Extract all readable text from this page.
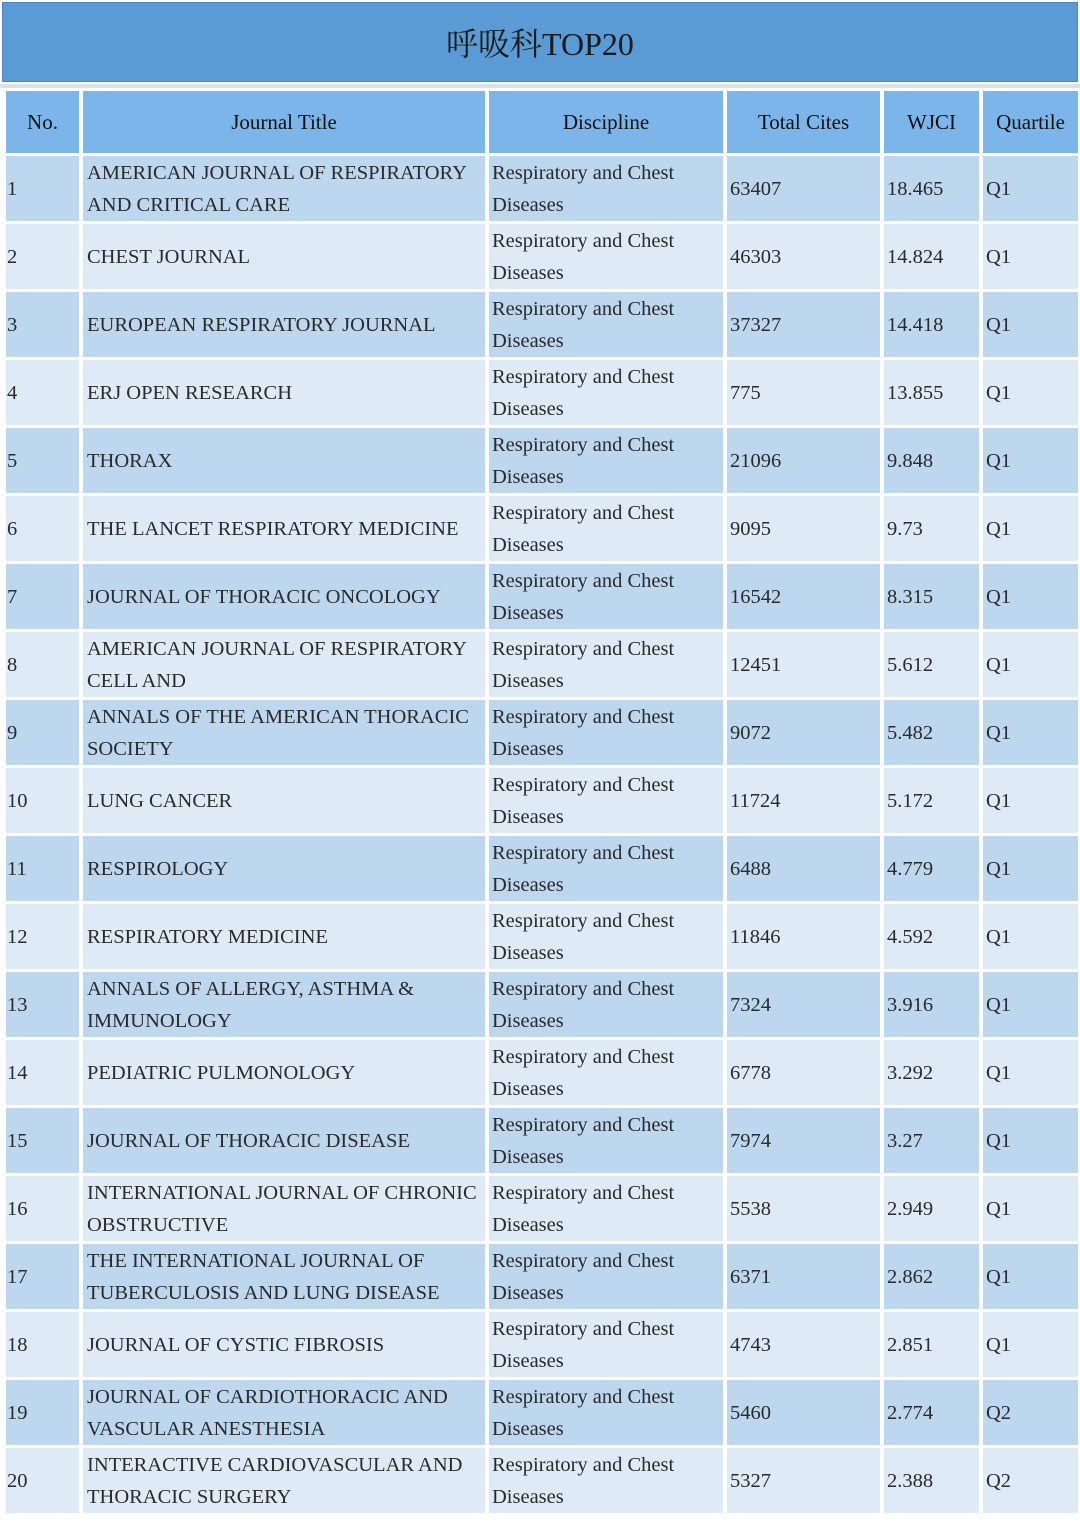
呼吸科TOP20
No.	Journal Title	Discipline	Total Cites	WJCI	Quartile
1	AMERICAN JOURNAL OF RESPIRATORY AND CRITICAL CARE	Respiratory and Chest Diseases	63407	18.465	Q1
2	CHEST JOURNAL	Respiratory and Chest Diseases	46303	14.824	Q1
3	EUROPEAN RESPIRATORY JOURNAL	Respiratory and Chest Diseases	37327	14.418	Q1
4	ERJ OPEN RESEARCH	Respiratory and Chest Diseases	775	13.855	Q1
5	THORAX	Respiratory and Chest Diseases	21096	9.848	Q1
6	THE LANCET RESPIRATORY MEDICINE	Respiratory and Chest Diseases	9095	9.73	Q1
7	JOURNAL OF THORACIC ONCOLOGY	Respiratory and Chest Diseases	16542	8.315	Q1
8	AMERICAN JOURNAL OF RESPIRATORY CELL AND	Respiratory and Chest Diseases	12451	5.612	Q1
9	ANNALS OF THE AMERICAN THORACIC SOCIETY	Respiratory and Chest Diseases	9072	5.482	Q1
10	LUNG CANCER	Respiratory and Chest Diseases	11724	5.172	Q1
11	RESPIROLOGY	Respiratory and Chest Diseases	6488	4.779	Q1
12	RESPIRATORY MEDICINE	Respiratory and Chest Diseases	11846	4.592	Q1
13	ANNALS OF ALLERGY, ASTHMA & IMMUNOLOGY	Respiratory and Chest Diseases	7324	3.916	Q1
14	PEDIATRIC PULMONOLOGY	Respiratory and Chest Diseases	6778	3.292	Q1
15	JOURNAL OF THORACIC DISEASE	Respiratory and Chest Diseases	7974	3.27	Q1
16	INTERNATIONAL JOURNAL OF CHRONIC OBSTRUCTIVE	Respiratory and Chest Diseases	5538	2.949	Q1
17	THE INTERNATIONAL JOURNAL OF TUBERCULOSIS AND LUNG DISEASE	Respiratory and Chest Diseases	6371	2.862	Q1
18	JOURNAL OF CYSTIC FIBROSIS	Respiratory and Chest Diseases	4743	2.851	Q1
19	JOURNAL OF CARDIOTHORACIC AND VASCULAR ANESTHESIA	Respiratory and Chest Diseases	5460	2.774	Q2
20	INTERACTIVE CARDIOVASCULAR AND THORACIC SURGERY	Respiratory and Chest Diseases	5327	2.388	Q2
